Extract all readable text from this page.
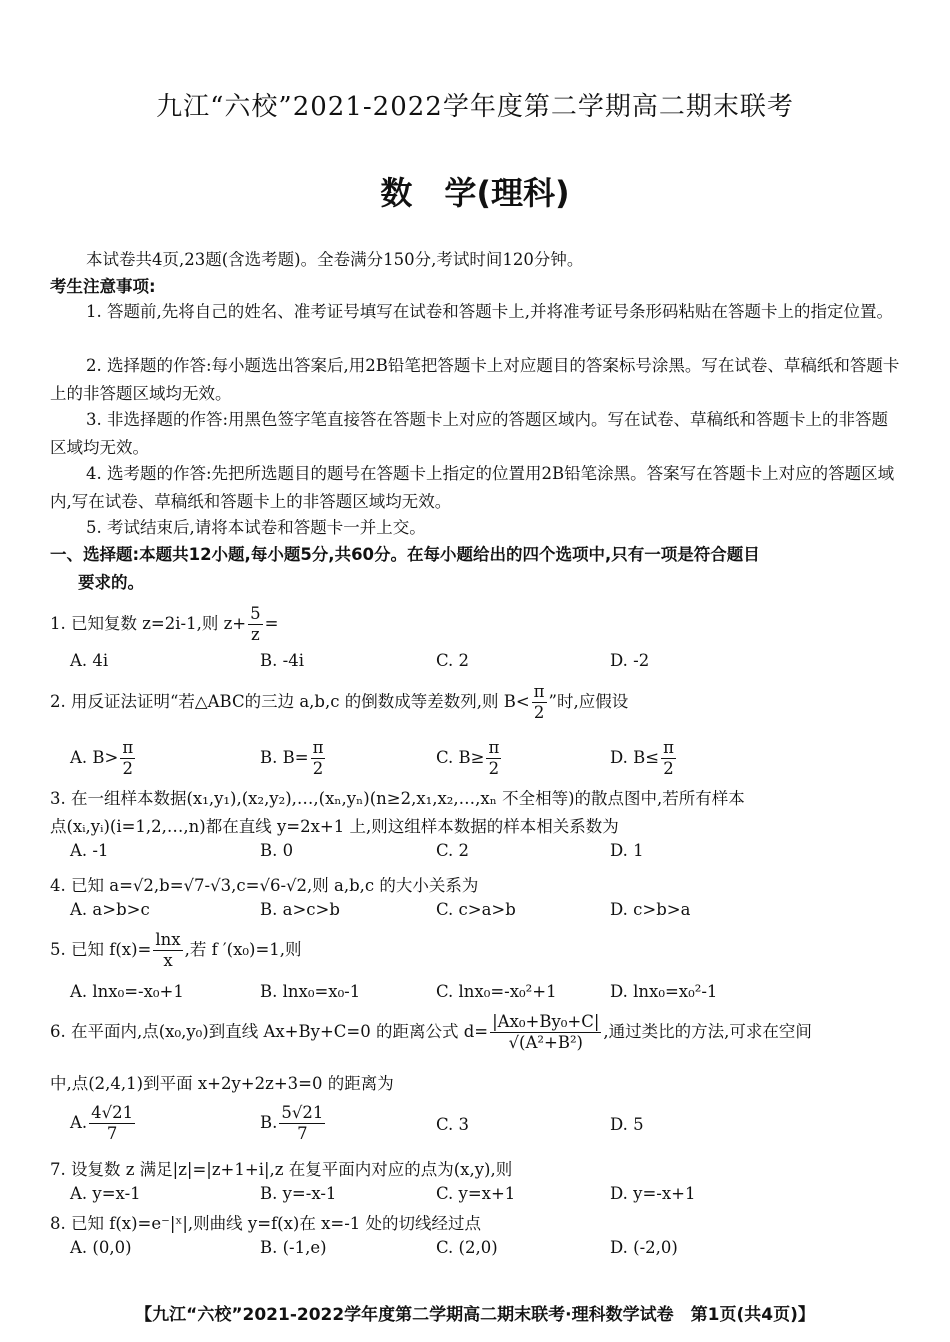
九江“六校”2021-2022学年度第二学期高二期末联考
数　学(理科)
本试卷共4页,23题(含选考题)。全卷满分150分,考试时间120分钟。
考生注意事项:
1. 答题前,先将自己的姓名、准考证号填写在试卷和答题卡上,并将准考证号条形码粘贴在答题卡上的指定位置。
2. 选择题的作答:每小题选出答案后,用2B铅笔把答题卡上对应题目的答案标号涂黑。写在试卷、草稿纸和答题卡上的非答题区域均无效。
3. 非选择题的作答:用黑色签字笔直接答在答题卡上对应的答题区域内。写在试卷、草稿纸和答题卡上的非答题区域均无效。
4. 选考题的作答:先把所选题目的题号在答题卡上指定的位置用2B铅笔涂黑。答案写在答题卡上对应的答题区域内,写在试卷、草稿纸和答题卡上的非答题区域均无效。
5. 考试结束后,请将本试卷和答题卡一并上交。
一、选择题:本题共12小题,每小题5分,共60分。在每小题给出的四个选项中,只有一项是符合题目
要求的。
1. 已知复数 z=2i-1,则 $z+ \frac{5}{z}$ =
A. 4i	B. -4i	C. 2	D. -2
2. 用反证法证明“若△ABC的三边 a,b,c 的倒数成等差数列,则 $B< \frac{\pi}{2}$ ”时,应假设
A. $B> \frac{\pi}{2}$	B. $B= \frac{\pi}{2}$	C. $B\ge \frac{\pi}{2}$	D. $B\le \frac{\pi}{2}$
3. 在一组样本数据(x₁,y₁),(x₂,y₂),…,(xₙ,yₙ)(n≥2,x₁,x₂,…,xₙ 不全相等)的散点图中,若所有样本
点(xᵢ,yᵢ)(i=1,2,…,n)都在直线 y=2x+1 上,则这组样本数据的样本相关系数为
A. -1	B. 0	C. 2	D. 1
4. 已知 a=√2,b=√7-√3,c=√6-√2,则 a,b,c 的大小关系为
A. a>b>c	B. a>c>b	C. c>a>b	D. c>b>a
5. 已知 $f(x)= \frac{\ln x}{x}$ ,若 f ′(x₀)=1,则
A. lnx₀=-x₀+1	B. lnx₀=x₀-1	C. lnx₀=-x₀²+1	D. lnx₀=x₀²-1
6. 在平面内,点(x₀,y₀)到直线 Ax+By+C=0 的距离公式 $d= \frac{\text{|Ax₀+By₀+C|}}{\text{√(A²+B²)}}$ ,通过类比的方法,可求在空间
中,点(2,4,1)到平面 x+2y+2z+3=0 的距离为
A. $\frac{4√21}{7}$	B. $\frac{5√21}{7}$	C. 3	D. 5
7. 设复数 z 满足|z|=|z+1+i|,z 在复平面内对应的点为(x,y),则
A. y=x-1	B. y=-x-1	C. y=x+1	D. y=-x+1
8. 已知 f(x)=e⁻|ˣ|,则曲线 y=f(x)在 x=-1 处的切线经过点
A. (0,0)	B. (-1,e)	C. (2,0)	D. (-2,0)
【九江“六校”2021-2022学年度第二学期高二期末联考·理科数学试卷　第1页(共4页)】
